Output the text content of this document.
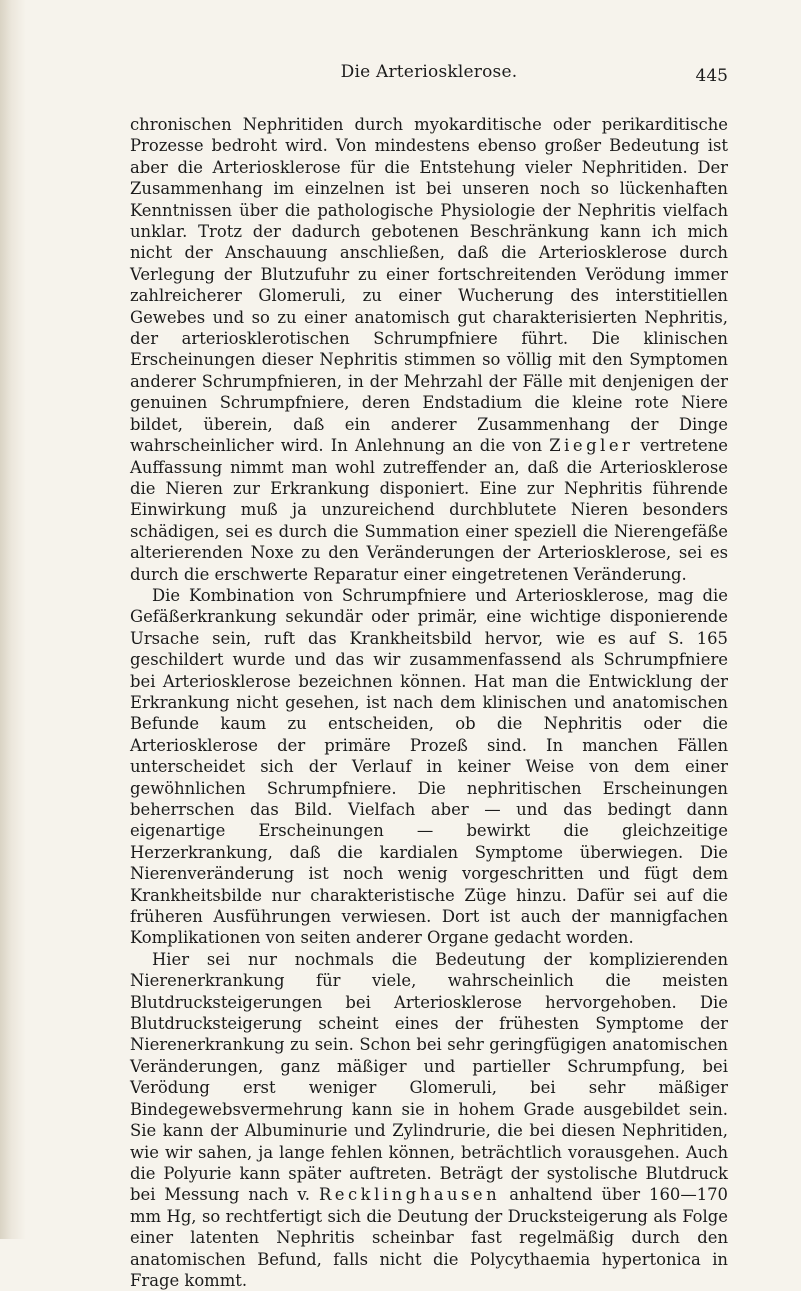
Die Arteriosklerose.	445

chronischen Nephritiden durch myokarditische oder perikarditische Prozesse bedroht wird. Von mindestens ebenso großer Bedeutung ist aber die Arteriosklerose für die Entstehung vieler Nephritiden. Der Zusammenhang im einzelnen ist bei unseren noch so lückenhaften Kenntnissen über die pathologische Physiologie der Nephritis vielfach unklar. Trotz der dadurch gebotenen Beschränkung kann ich mich nicht der Anschauung anschließen, daß die Arteriosklerose durch Verlegung der Blutzufuhr zu einer fortschreitenden Verödung immer zahlreicherer Glomeruli, zu einer Wucherung des interstitiellen Gewebes und so zu einer anatomisch gut charakterisierten Nephritis, der arteriosklerotischen Schrumpfniere führt. Die klinischen Erscheinungen dieser Nephritis stimmen so völlig mit den Symptomen anderer Schrumpfnieren, in der Mehrzahl der Fälle mit denjenigen der genuinen Schrumpfniere, deren Endstadium die kleine rote Niere bildet, überein, daß ein anderer Zusammenhang der Dinge wahrscheinlicher wird. In Anlehnung an die von Ziegler vertretene Auffassung nimmt man wohl zutreffender an, daß die Arteriosklerose die Nieren zur Erkrankung disponiert. Eine zur Nephritis führende Einwirkung muß ja unzureichend durchblutete Nieren besonders schädigen, sei es durch die Summation einer speziell die Nierengefäße alterierenden Noxe zu den Veränderungen der Arteriosklerose, sei es durch die erschwerte Reparatur einer eingetretenen Veränderung.

Die Kombination von Schrumpfniere und Arteriosklerose, mag die Gefäßerkrankung sekundär oder primär, eine wichtige disponierende Ursache sein, ruft das Krankheitsbild hervor, wie es auf S. 165 geschildert wurde und das wir zusammenfassend als Schrumpfniere bei Arteriosklerose bezeichnen können. Hat man die Entwicklung der Erkrankung nicht gesehen, ist nach dem klinischen und anatomischen Befunde kaum zu entscheiden, ob die Nephritis oder die Arteriosklerose der primäre Prozeß sind. In manchen Fällen unterscheidet sich der Verlauf in keiner Weise von dem einer gewöhnlichen Schrumpfniere. Die nephritischen Erscheinungen beherrschen das Bild. Vielfach aber — und das bedingt dann eigenartige Erscheinungen — bewirkt die gleichzeitige Herzerkrankung, daß die kardialen Symptome überwiegen. Die Nierenveränderung ist noch wenig vorgeschritten und fügt dem Krankheitsbilde nur charakteristische Züge hinzu. Dafür sei auf die früheren Ausführungen verwiesen. Dort ist auch der mannigfachen Komplikationen von seiten anderer Organe gedacht worden.

Hier sei nur nochmals die Bedeutung der komplizierenden Nierenerkrankung für viele, wahrscheinlich die meisten Blutdrucksteigerungen bei Arteriosklerose hervorgehoben. Die Blutdrucksteigerung scheint eines der frühesten Symptome der Nierenerkrankung zu sein. Schon bei sehr geringfügigen anatomischen Veränderungen, ganz mäßiger und partieller Schrumpfung, bei Verödung erst weniger Glomeruli, bei sehr mäßiger Bindegewebsvermehrung kann sie in hohem Grade ausgebildet sein. Sie kann der Albuminurie und Zylindrurie, die bei diesen Nephritiden, wie wir sahen, ja lange fehlen können, beträchtlich vorausgehen. Auch die Polyurie kann später auftreten. Beträgt der systolische Blutdruck bei Messung nach v. Recklinghausen anhaltend über 160—170 mm Hg, so rechtfertigt sich die Deutung der Drucksteigerung als Folge einer latenten Nephritis scheinbar fast regelmäßig durch den anatomischen Befund, falls nicht die Polycythaemia hypertonica in Frage kommt.
